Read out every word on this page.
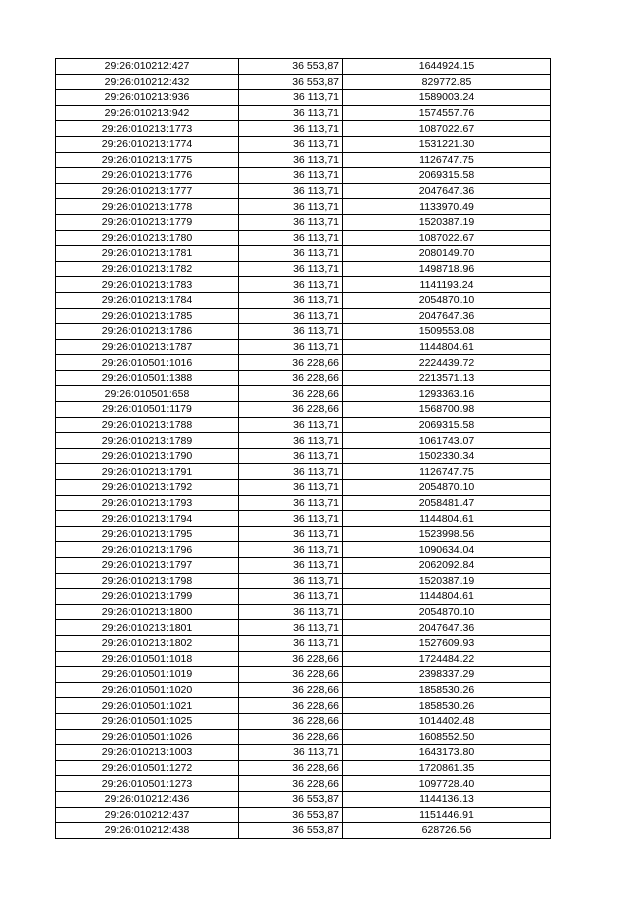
29:26:010212:427	36 553,87	1644924.15
29:26:010212:432	36 553,87	829772.85
29:26:010213:936	36 113,71	1589003.24
29:26:010213:942	36 113,71	1574557.76
29:26:010213:1773	36 113,71	1087022.67
29:26:010213:1774	36 113,71	1531221.30
29:26:010213:1775	36 113,71	1126747.75
29:26:010213:1776	36 113,71	2069315.58
29:26:010213:1777	36 113,71	2047647.36
29:26:010213:1778	36 113,71	1133970.49
29:26:010213:1779	36 113,71	1520387.19
29:26:010213:1780	36 113,71	1087022.67
29:26:010213:1781	36 113,71	2080149.70
29:26:010213:1782	36 113,71	1498718.96
29:26:010213:1783	36 113,71	1141193.24
29:26:010213:1784	36 113,71	2054870.10
29:26:010213:1785	36 113,71	2047647.36
29:26:010213:1786	36 113,71	1509553.08
29:26:010213:1787	36 113,71	1144804.61
29:26:010501:1016	36 228,66	2224439.72
29:26:010501:1388	36 228,66	2213571.13
29:26:010501:658	36 228,66	1293363.16
29:26:010501:1179	36 228,66	1568700.98
29:26:010213:1788	36 113,71	2069315.58
29:26:010213:1789	36 113,71	1061743.07
29:26:010213:1790	36 113,71	1502330.34
29:26:010213:1791	36 113,71	1126747.75
29:26:010213:1792	36 113,71	2054870.10
29:26:010213:1793	36 113,71	2058481.47
29:26:010213:1794	36 113,71	1144804.61
29:26:010213:1795	36 113,71	1523998.56
29:26:010213:1796	36 113,71	1090634.04
29:26:010213:1797	36 113,71	2062092.84
29:26:010213:1798	36 113,71	1520387.19
29:26:010213:1799	36 113,71	1144804.61
29:26:010213:1800	36 113,71	2054870.10
29:26:010213:1801	36 113,71	2047647.36
29:26:010213:1802	36 113,71	1527609.93
29:26:010501:1018	36 228,66	1724484.22
29:26:010501:1019	36 228,66	2398337.29
29:26:010501:1020	36 228,66	1858530.26
29:26:010501:1021	36 228,66	1858530.26
29:26:010501:1025	36 228,66	1014402.48
29:26:010501:1026	36 228,66	1608552.50
29:26:010213:1003	36 113,71	1643173.80
29:26:010501:1272	36 228,66	1720861.35
29:26:010501:1273	36 228,66	1097728.40
29:26:010212:436	36 553,87	1144136.13
29:26:010212:437	36 553,87	1151446.91
29:26:010212:438	36 553,87	628726.56
